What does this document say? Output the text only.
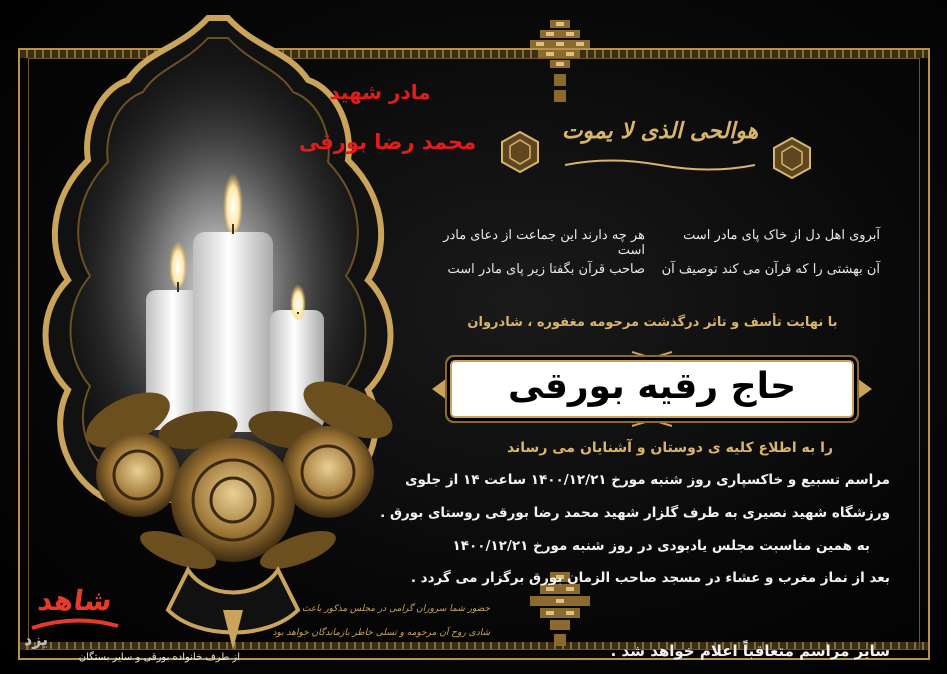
هوالحی الذی لا یموت
مادر شهید
محمد رضا بورقی
آبروی اهل دل از خاک پای مادر است
هر چه دارند این جماعت از دعای مادر است
آن بهشتی را که قرآن می کند توصیف آن
صاحب قرآن بگفتا زیر پای مادر است
با نهایت تأسف و تاثر درگذشت مرحومه مغفوره ، شادروان
حاج رقیه بورقی
را به اطلاع کلیه ی دوستان و آشنایان می رساند
مراسم تسبیع و خاکسپاری روز شنبه مورخ ۱۴۰۰/۱۲/۲۱ ساعت ۱۴ از جلوی
ورزشگاه شهید نصیری به طرف گلزار شهید محمد رضا بورقی روستای بورق .
به همین مناسبت مجلس یادبودی در روز شنبه مورخ ۱۴۰۰/۱۲/۲۱
بعد از نماز مغرب و عشاء در مسجد صاحب الزمان بورق برگزار می گردد .
سایر مراسم متعاقباً اعلام خواهد شد .
حضور شما سروران گرامی در مجلس مذکور باعث
شادی روح آن مرحومه و تسلی خاطر بازماندگان خواهد بود
از طرف خانواده بورقی و سایر بستگان
شاهد
یزد
